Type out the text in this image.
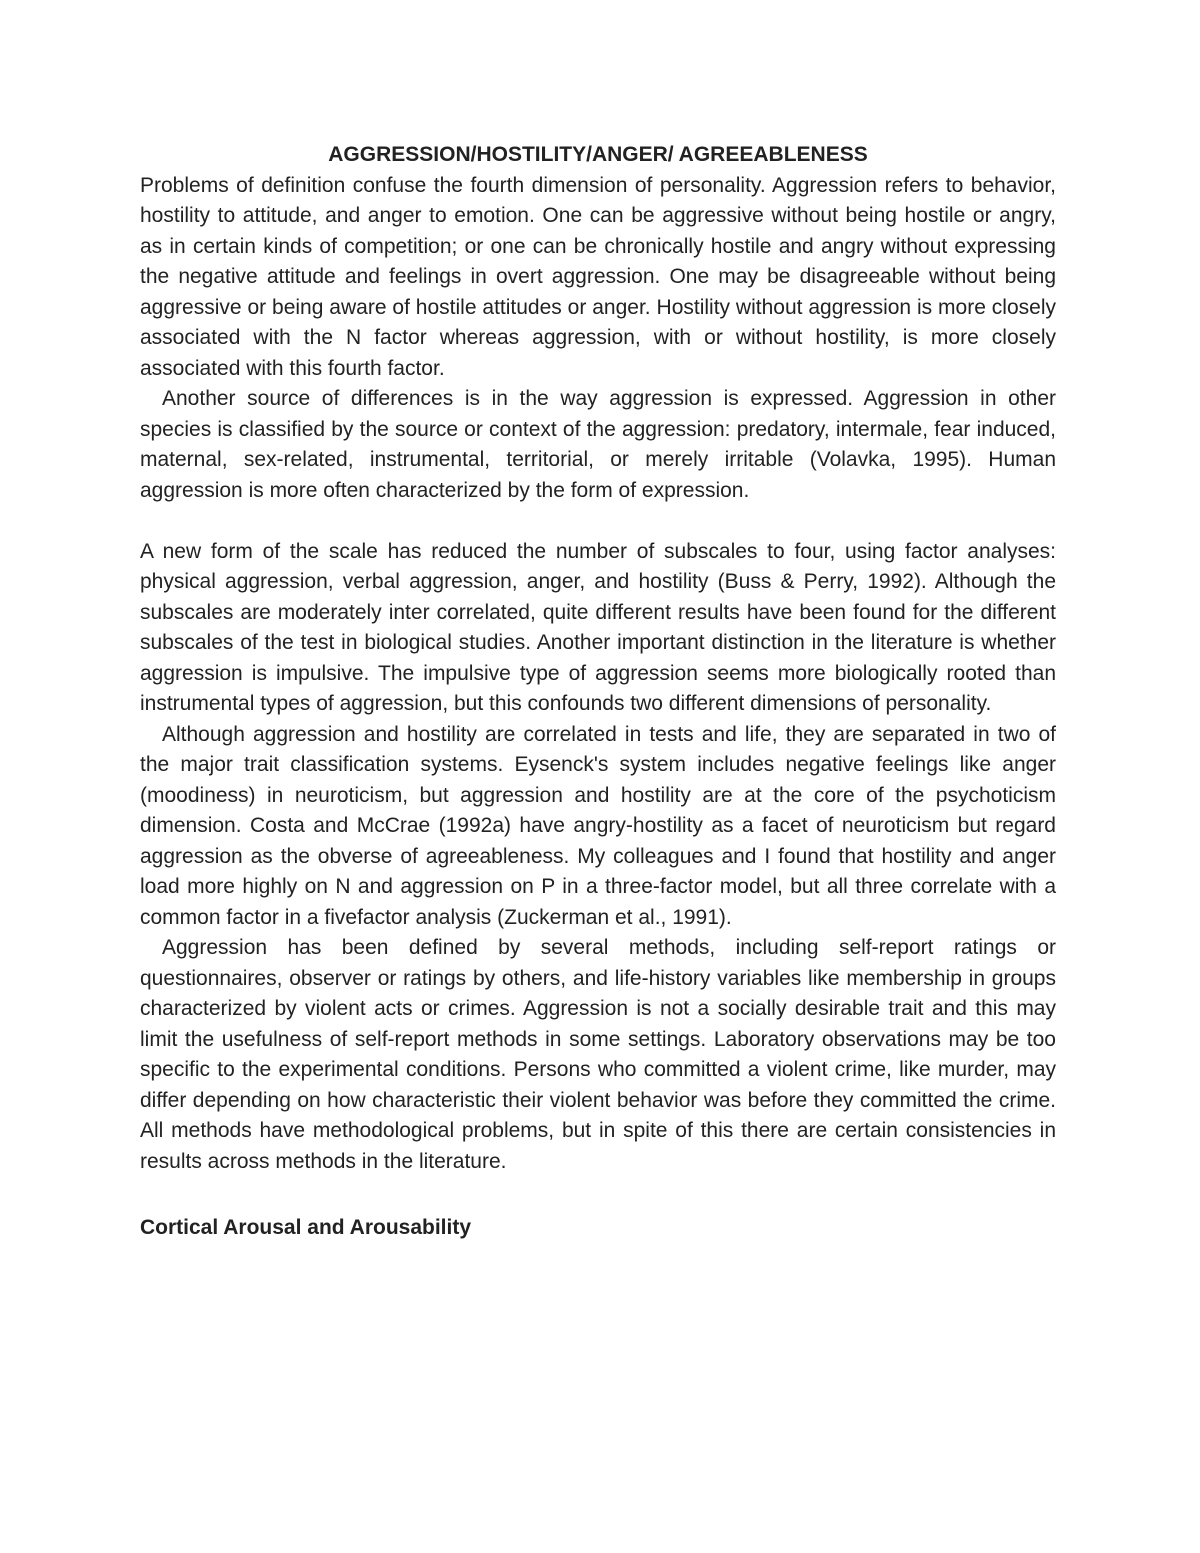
AGGRESSION/HOSTILITY/ANGER/ AGREEABLENESS

Problems of definition confuse the fourth dimension of personality. Aggression refers to behavior, hostility to attitude, and anger to emotion. One can be aggressive without being hostile or angry, as in certain kinds of competition; or one can be chronically hostile and angry without expressing the negative attitude and feelings in overt aggression. One may be disagreeable without being aggressive or being aware of hostile attitudes or anger. Hostility without aggression is more closely associated with the N factor whereas aggression, with or without hostility, is more closely associated with this fourth factor.

Another source of differences is in the way aggression is expressed. Aggression in other species is classified by the source or context of the aggression: predatory, intermale, fear induced, maternal, sex-related, instrumental, territorial, or merely irritable (Volavka, 1995). Human aggression is more often characterized by the form of expression.

A new form of the scale has reduced the number of subscales to four, using factor analyses: physical aggression, verbal aggression, anger, and hostility (Buss & Perry, 1992). Although the subscales are moderately inter correlated, quite different results have been found for the different subscales of the test in biological studies. Another important distinction in the literature is whether aggression is impulsive. The impulsive type of aggression seems more biologically rooted than instrumental types of aggression, but this confounds two different dimensions of personality.

Although aggression and hostility are correlated in tests and life, they are separated in two of the major trait classification systems. Eysenck's system includes negative feelings like anger (moodiness) in neuroticism, but aggression and hostility are at the core of the psychoticism dimension. Costa and McCrae (1992a) have angry-hostility as a facet of neuroticism but regard aggression as the obverse of agreeableness. My colleagues and I found that hostility and anger load more highly on N and aggression on P in a three-factor model, but all three correlate with a common factor in a fivefactor analysis (Zuckerman et al., 1991).

Aggression has been defined by several methods, including self-report ratings or questionnaires, observer or ratings by others, and life-history variables like membership in groups characterized by violent acts or crimes. Aggression is not a socially desirable trait and this may limit the usefulness of self-report methods in some settings. Laboratory observations may be too specific to the experimental conditions. Persons who committed a violent crime, like murder, may differ depending on how characteristic their violent behavior was before they committed the crime. All methods have methodological problems, but in spite of this there are certain consistencies in results across methods in the literature.

Cortical Arousal and Arousability
